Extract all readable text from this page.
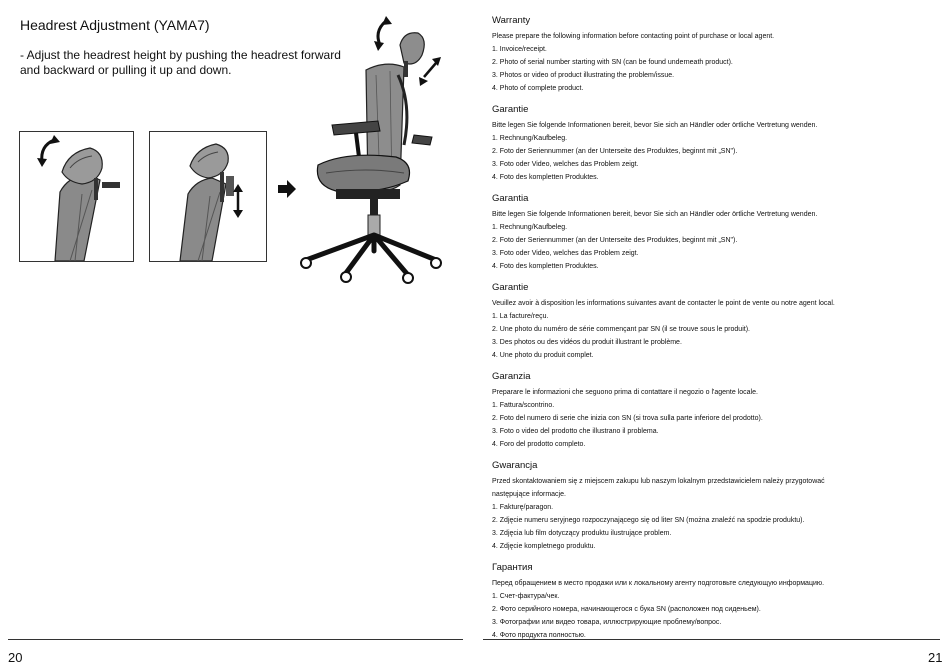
Headrest Adjustment (YAMA7)
- Adjust the headrest height by pushing the headrest forward and backward or pulling it up and down.
20
Warranty
Please prepare the following information before contacting point of purchase or local agent.
1. Invoice/receipt.
2. Photo of serial number starting with SN (can be found underneath product).
3. Photos or video of product illustrating the problem/issue.
4. Photo of complete product.
Garantie
Bitte legen Sie folgende Informationen bereit, bevor Sie sich an Händler oder örtliche Vertretung wenden.
1. Rechnung/Kaufbeleg.
2. Foto der Seriennummer (an der Unterseite des Produktes, beginnt mit „SN").
3. Foto oder Video, welches das Problem zeigt.
4. Foto des kompletten Produktes.
Garantia
Bitte legen Sie folgende Informationen bereit, bevor Sie sich an Händler oder örtliche Vertretung wenden.
1. Rechnung/Kaufbeleg.
2. Foto der Seriennummer (an der Unterseite des Produktes, beginnt mit „SN").
3. Foto oder Video, welches das Problem zeigt.
4. Foto des kompletten Produktes.
Garantie
Veuillez avoir à disposition les informations suivantes avant de contacter le point de vente ou notre agent local.
1. La facture/reçu.
2. Une photo du numéro de série commençant par SN (il se trouve sous le produit).
3. Des photos ou des vidéos du produit illustrant le problème.
4. Une photo du produit complet.
Garanzia
Preparare le informazioni che seguono prima di contattare il negozio o l'agente locale.
1. Fattura/scontrino.
2. Foto del numero di serie che inizia con SN (si trova sulla parte inferiore del prodotto).
3. Foto o video del prodotto che illustrano il problema.
4. Foro del prodotto completo.
Gwarancja
Przed skontaktowaniem się z miejscem zakupu lub naszym lokalnym przedstawicielem należy przygotować
następujące informacje.
1. Fakturę/paragon.
2. Zdjęcie numeru seryjnego rozpoczynającego się od liter SN (można znaleźć na spodzie produktu).
3. Zdjęcia lub film dotyczący produktu ilustrujące problem.
4. Zdjęcie kompletnego produktu.
Гарантия
Перед обращением в место продажи или к локальному агенту подготовьте следующую информацию.
1. Счет-фактура/чек.
2. Фото серийного номера, начинающегося с бука SN (расположен под сиденьем).
3. Фотографии или видео товара, иллюстрирующие проблему/вопрос.
4. Фото продукта полностью.
21
